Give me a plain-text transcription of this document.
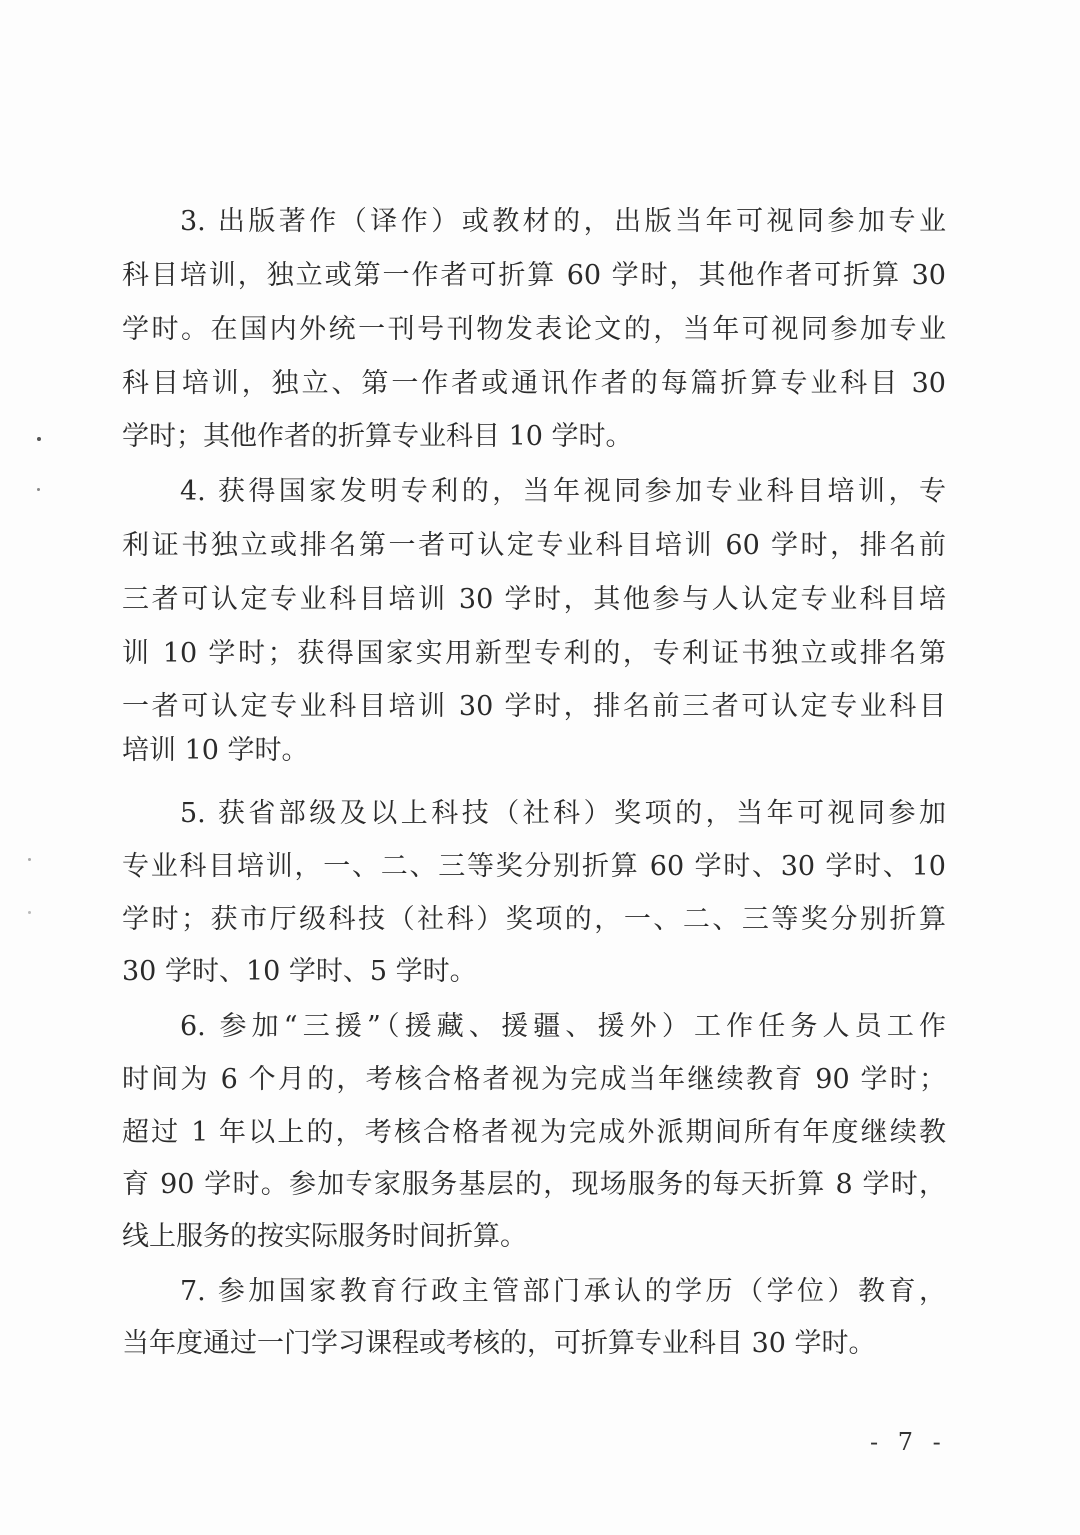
3. 出版著作（译作）或教材的，出版当年可视同参加专业
科目培训，独立或第一作者可折算 60 学时，其他作者可折算 30
学时。在国内外统一刊号刊物发表论文的，当年可视同参加专业
科目培训，独立、第一作者或通讯作者的每篇折算专业科目 30
学时；其他作者的折算专业科目 10 学时。
4. 获得国家发明专利的，当年视同参加专业科目培训，专
利证书独立或排名第一者可认定专业科目培训 60 学时，排名前
三者可认定专业科目培训 30 学时，其他参与人认定专业科目培
训 10 学时；获得国家实用新型专利的，专利证书独立或排名第
一者可认定专业科目培训 30 学时，排名前三者可认定专业科目
培训 10 学时。
5. 获省部级及以上科技（社科）奖项的，当年可视同参加
专业科目培训，一、二、三等奖分别折算 60 学时、30 学时、10
学时；获市厅级科技（社科）奖项的，一、二、三等奖分别折算
30 学时、10 学时、5 学时。
6. 参加“三援”（援藏、援疆、援外）工作任务人员工作
时间为 6 个月的，考核合格者视为完成当年继续教育 90 学时；
超过 1 年以上的，考核合格者视为完成外派期间所有年度继续教
育 90 学时。参加专家服务基层的，现场服务的每天折算 8 学时，
线上服务的按实际服务时间折算。
7. 参加国家教育行政主管部门承认的学历（学位）教育，
当年度通过一门学习课程或考核的，可折算专业科目 30 学时。
- 7 -
